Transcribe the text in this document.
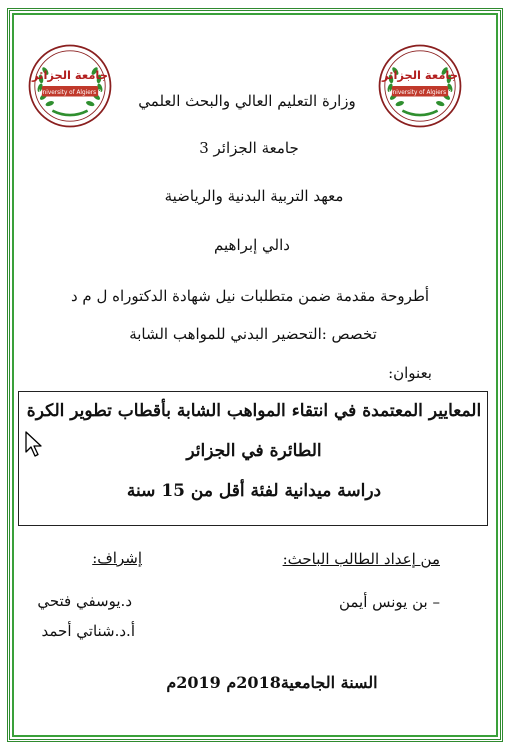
جامعة الجزائر
University of Algiers 3
جامعة الجزائر
University of Algiers 3
وزارة التعليم العالي والبحث العلمي
جامعة الجزائر 3
معهد التربية البدنية والرياضية
دالي إبراهيم
أطروحة مقدمة ضمن متطلبات نيل شهادة الدكتوراه ل م د
تخصص :التحضير البدني للمواهب الشابة
بعنوان:
المعايير المعتمدة في انتقاء المواهب الشابة بأقطاب تطوير الكرة
الطائرة في الجزائر
دراسة ميدانية لفئة أقل من 15 سنة
من إعداد الطالب الباحث:
– بن يونس أيمن
إشراف:
د.يوسفي فتحي
أ.د.شناتي أحمد
السنة الجامعية2018م 2019م
